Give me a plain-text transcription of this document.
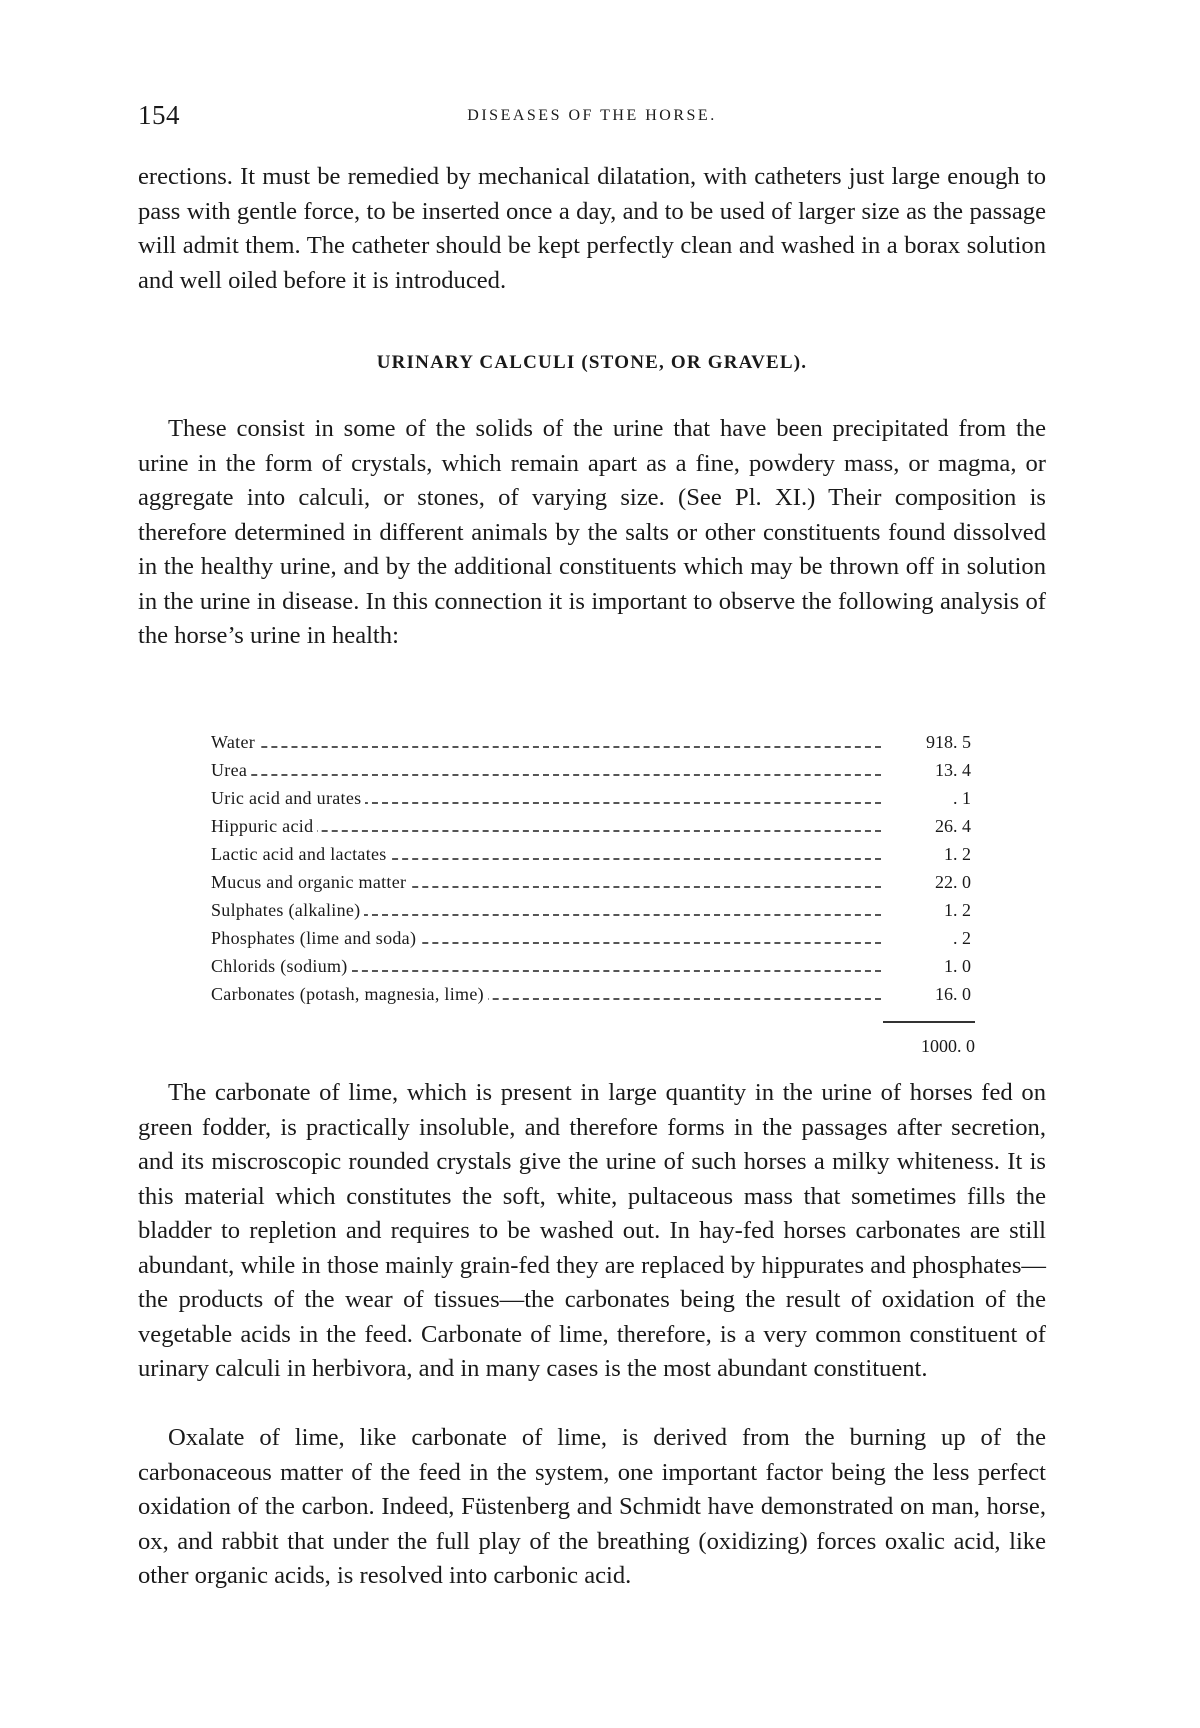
154	DISEASES OF THE HORSE.

erections. It must be remedied by mechanical dilatation, with catheters just large enough to pass with gentle force, to be inserted once a day, and to be used of larger size as the passage will admit them. The catheter should be kept perfectly clean and washed in a borax solution and well oiled before it is introduced.

URINARY CALCULI (STONE, OR GRAVEL).

These consist in some of the solids of the urine that have been precipitated from the urine in the form of crystals, which remain apart as a fine, powdery mass, or magma, or aggregate into calculi, or stones, of varying size. (See Pl. XI.) Their composition is therefore determined in different animals by the salts or other constituents found dissolved in the healthy urine, and by the additional constituents which may be thrown off in solution in the urine in disease. In this connection it is important to observe the following analysis of the horse’s urine in health:

Water	918. 5
Urea	13. 4
Uric acid and urates	. 1
Hippuric acid	26. 4
Lactic acid and lactates	1. 2
Mucus and organic matter	22. 0
Sulphates (alkaline)	1. 2
Phosphates (lime and soda)	. 2
Chlorids (sodium)	1. 0
Carbonates (potash, magnesia, lime)	16. 0
1000. 0

The carbonate of lime, which is present in large quantity in the urine of horses fed on green fodder, is practically insoluble, and therefore forms in the passages after secretion, and its miscroscopic rounded crystals give the urine of such horses a milky whiteness. It is this material which constitutes the soft, white, pultaceous mass that sometimes fills the bladder to repletion and requires to be washed out. In hay-fed horses carbonates are still abundant, while in those mainly grain-fed they are replaced by hippurates and phosphates—the products of the wear of tissues—the carbonates being the result of oxidation of the vegetable acids in the feed. Carbonate of lime, therefore, is a very common constituent of urinary calculi in herbivora, and in many cases is the most abundant constituent.

Oxalate of lime, like carbonate of lime, is derived from the burning up of the carbonaceous matter of the feed in the system, one important factor being the less perfect oxidation of the carbon. Indeed, Füstenberg and Schmidt have demonstrated on man, horse, ox, and rabbit that under the full play of the breathing (oxidizing) forces oxalic acid, like other organic acids, is resolved into carbonic acid.
